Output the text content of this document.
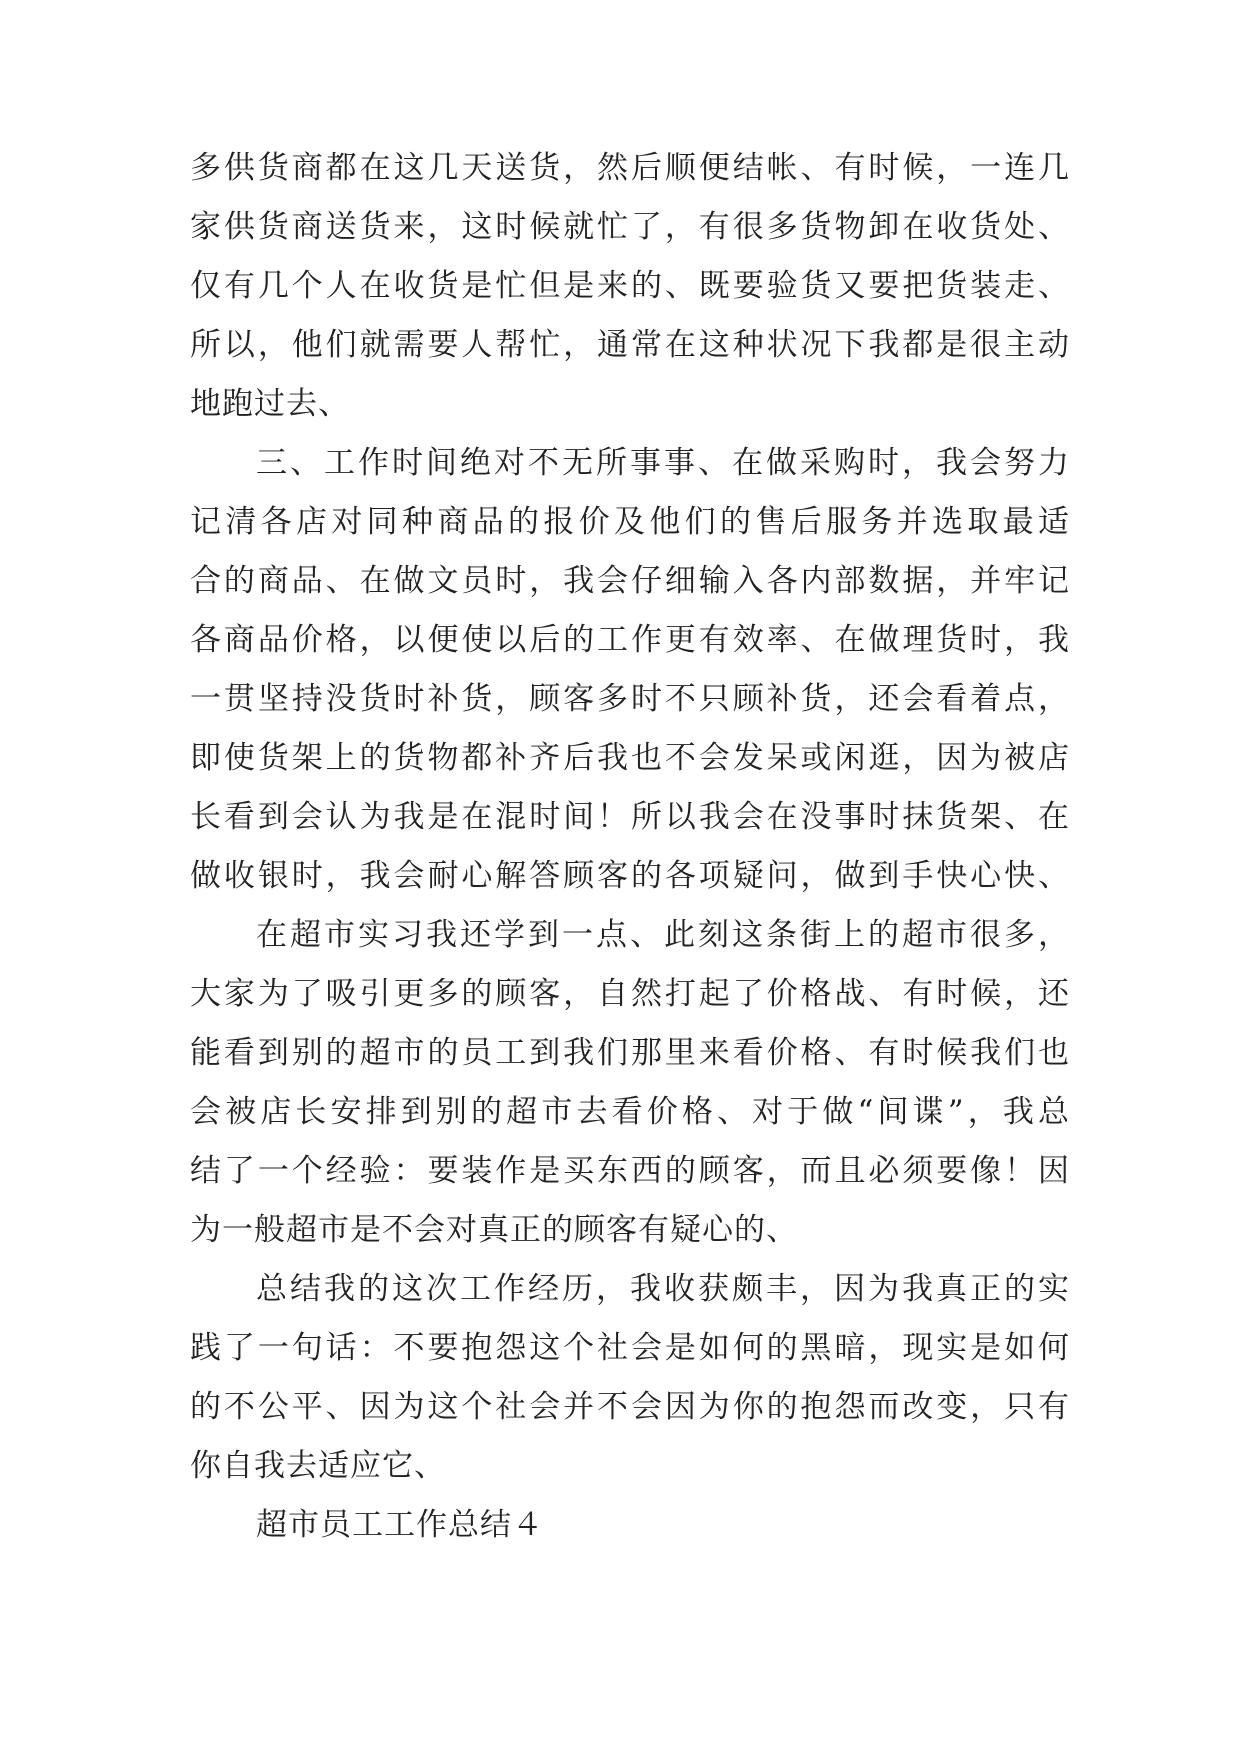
多供货商都在这几天送货，然后顺便结帐、有时候，一连几
家供货商送货来，这时候就忙了，有很多货物卸在收货处、
仅有几个人在收货是忙但是来的、既要验货又要把货装走、
所以，他们就需要人帮忙，通常在这种状况下我都是很主动
地跑过去、
三、工作时间绝对不无所事事、在做采购时，我会努力
记清各店对同种商品的报价及他们的售后服务并选取最适
合的商品、在做文员时，我会仔细输入各内部数据，并牢记
各商品价格，以便使以后的工作更有效率、在做理货时，我
一贯坚持没货时补货，顾客多时不只顾补货，还会看着点，
即使货架上的货物都补齐后我也不会发呆或闲逛，因为被店
长看到会认为我是在混时间！所以我会在没事时抹货架、在
做收银时，我会耐心解答顾客的各项疑问，做到手快心快、
在超市实习我还学到一点、此刻这条街上的超市很多，
大家为了吸引更多的顾客，自然打起了价格战、有时候，还
能看到别的超市的员工到我们那里来看价格、有时候我们也
会被店长安排到别的超市去看价格、对于做“间谍”，我总
结了一个经验：要装作是买东西的顾客，而且必须要像！因
为一般超市是不会对真正的顾客有疑心的、
总结我的这次工作经历，我收获颇丰，因为我真正的实
践了一句话：不要抱怨这个社会是如何的黑暗，现实是如何
的不公平、因为这个社会并不会因为你的抱怨而改变，只有
你自我去适应它、
超市员工工作总结４
